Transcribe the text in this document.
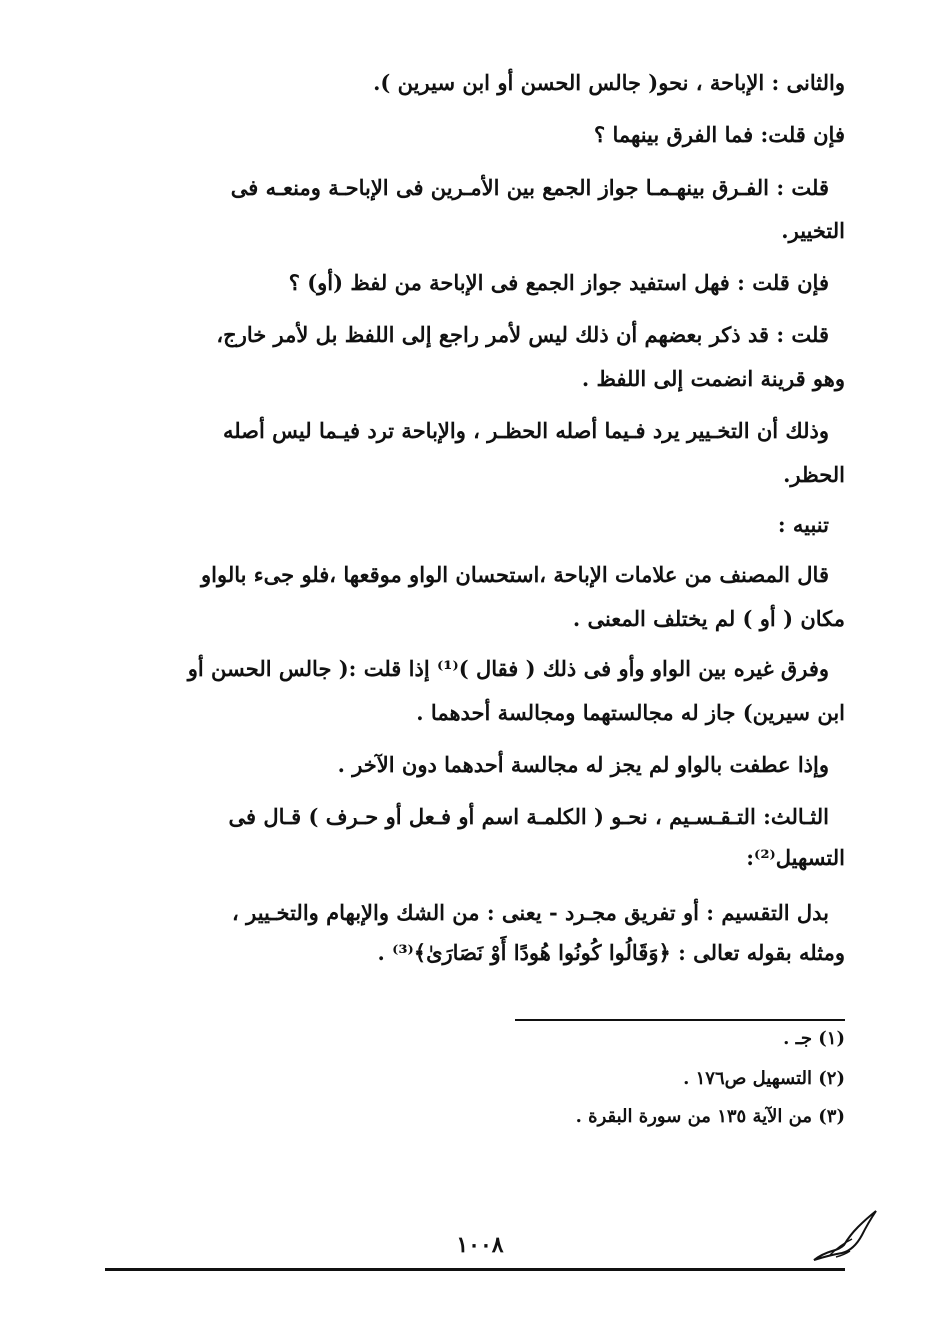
والثانى : الإباحة ، نحو( جالس الحسن أو ابن سيرين ).
فإن قلت: فما الفرق بينهما ؟
قلت : الفـرق بينهـمـا جواز الجمع بين الأمـرين فى الإباحـة ومنعـه فى
التخيير.
فإن قلت : فهل استفيد جواز الجمع فى الإباحة من لفظ (أو) ؟
قلت : قد ذكر بعضهم أن ذلك ليس لأمر راجع إلى اللفظ بل لأمر خارج،
وهو قرينة انضمت إلى اللفظ .
وذلك أن التخـيير يرد فـيما أصله الحظـر ، والإباحة ترد فيـما ليس أصله
الحظر.
تنبيه :
قال المصنف من علامات الإباحة ،استحسان الواو موقعها ،فلو جىء بالواو
مكان ( أو ) لم يختلف المعنى .
وفرق غيره بين الواو وأو فى ذلك ( فقال )⁽¹⁾ إذا قلت :( جالس الحسن أو
ابن سيرين) جاز له مجالستهما ومجالسة أحدهما .
وإذا عطفت بالواو لم يجز له مجالسة أحدهما دون الآخر .
الثـالث: التـقـسـيم ، نحـو ( الكلمـة اسم أو فـعل أو حـرف ) قـال فى
التسهيل⁽²⁾:
بدل التقسيم : أو تفريق مجـرد - يعنى : من الشك والإبهام والتخـيير ،
ومثله بقوله تعالى : ﴿وَقَالُوا كُونُوا هُودًا أَوْ نَصَارَىٰ﴾⁽³⁾ .
(١) جـ .
(٢) التسهيل ص١٧٦ .
(٣) من الآية ١٣٥ من سورة البقرة .
١٠٠٨
